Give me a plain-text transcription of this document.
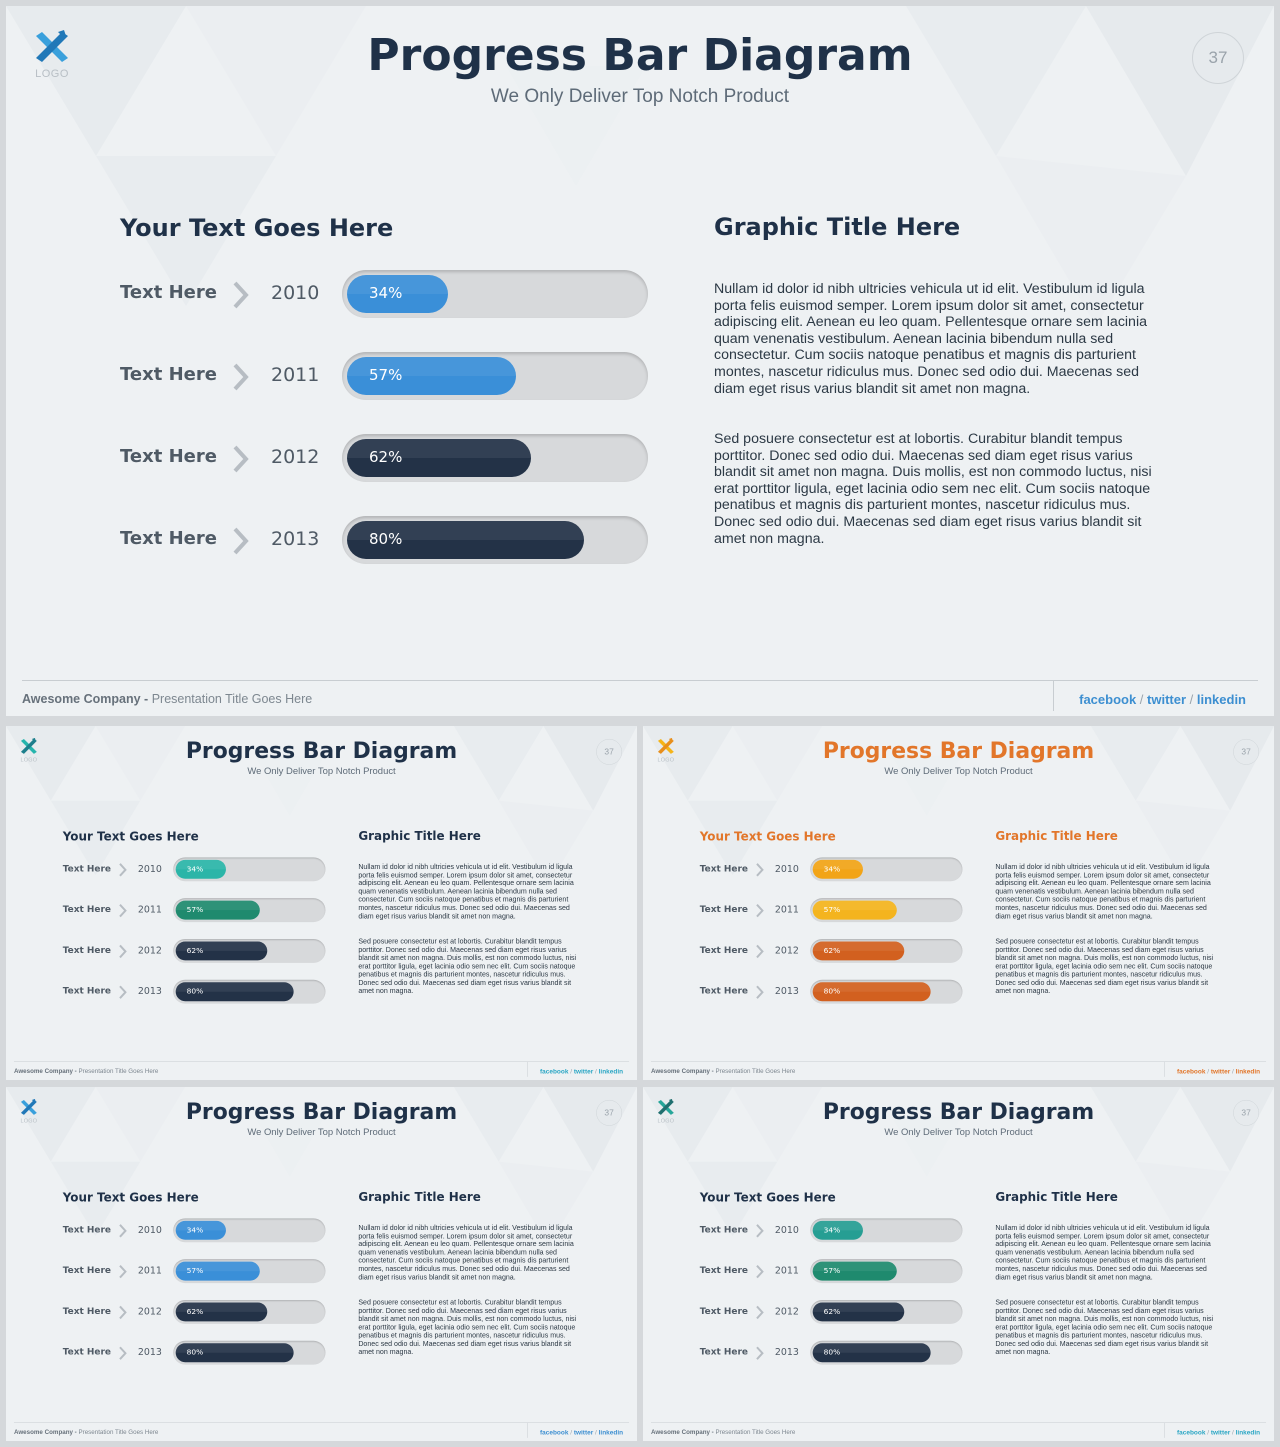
LOGO	Progress Bar Diagram
We Only Deliver Top Notch Product
37
Your Text Goes Here	Graphic Title Here
Text Here	2010	34%
Text Here	2011	57%
Text Here	2012	62%
Text Here	2013	80%

Nullam id dolor id nibh ultricies vehicula ut id elit. Vestibulum id ligula porta felis euismod semper. Lorem ipsum dolor sit amet, consectetur adipiscing elit. Aenean eu leo quam. Pellentesque ornare sem lacinia quam venenatis vestibulum. Aenean lacinia bibendum nulla sed consectetur. Cum sociis natoque penatibus et magnis dis parturient montes, nascetur ridiculus mus. Donec sed odio dui. Maecenas sed diam eget risus varius blandit sit amet non magna.

Sed posuere consectetur est at lobortis. Curabitur blandit tempus porttitor. Donec sed odio dui. Maecenas sed diam eget risus varius blandit sit amet non magna. Duis mollis, est non commodo luctus, nisi erat porttitor ligula, eget lacinia odio sem nec elit. Cum sociis natoque penatibus et magnis dis parturient montes, nascetur ridiculus mus. Donec sed odio dui. Maecenas sed diam eget risus varius blandit sit amet non magna.

Awesome Company - Presentation Title Goes Here	facebook / twitter / linkedin
LOGO	Progress Bar Diagram
We Only Deliver Top Notch Product
37
Your Text Goes Here	Graphic Title Here
Text Here 2010 34%
Text Here 2011 57%
Text Here 2012 62%
Text Here 2013 80%

Nullam id dolor id nibh ultricies vehicula ut id elit. Vestibulum id ligula porta felis euismod semper. Lorem ipsum dolor sit amet, consectetur adipiscing elit. Aenean eu leo quam. Pellentesque ornare sem lacinia quam venenatis vestibulum. Aenean lacinia bibendum nulla sed consectetur. Cum sociis natoque penatibus et magnis dis parturient montes, nascetur ridiculus mus. Donec sed odio dui. Maecenas sed diam eget risus varius blandit sit amet non magna.

Sed posuere consectetur est at lobortis. Curabitur blandit tempus porttitor. Donec sed odio dui. Maecenas sed diam eget risus varius blandit sit amet non magna. Duis mollis, est non commodo luctus, nisi erat porttitor ligula, eget lacinia odio sem nec elit. Cum sociis natoque penatibus et magnis dis parturient montes, nascetur ridiculus mus. Donec sed odio dui. Maecenas sed diam eget risus varius blandit sit amet non magna.

Awesome Company - Presentation Title Goes Here	facebook / twitter / linkedin
LOGO	Progress Bar Diagram
We Only Deliver Top Notch Product
37
Your Text Goes Here	Graphic Title Here
Text Here 2010 34%
Text Here 2011 57%
Text Here 2012 62%
Text Here 2013 80%

Nullam id dolor id nibh ultricies vehicula ut id elit. Vestibulum id ligula porta felis euismod semper. Lorem ipsum dolor sit amet, consectetur adipiscing elit. Aenean eu leo quam. Pellentesque ornare sem lacinia quam venenatis vestibulum. Aenean lacinia bibendum nulla sed consectetur. Cum sociis natoque penatibus et magnis dis parturient montes, nascetur ridiculus mus. Donec sed odio dui. Maecenas sed diam eget risus varius blandit sit amet non magna.

Sed posuere consectetur est at lobortis. Curabitur blandit tempus porttitor. Donec sed odio dui. Maecenas sed diam eget risus varius blandit sit amet non magna. Duis mollis, est non commodo luctus, nisi erat porttitor ligula, eget lacinia odio sem nec elit. Cum sociis natoque penatibus et magnis dis parturient montes, nascetur ridiculus mus. Donec sed odio dui. Maecenas sed diam eget risus varius blandit sit amet non magna.

Awesome Company - Presentation Title Goes Here	facebook / twitter / linkedin
LOGO	Progress Bar Diagram
We Only Deliver Top Notch Product
37
Your Text Goes Here	Graphic Title Here
Text Here 2010 34%
Text Here 2011 57%
Text Here 2012 62%
Text Here 2013 80%

Nullam id dolor id nibh ultricies vehicula ut id elit. Vestibulum id ligula porta felis euismod semper. Lorem ipsum dolor sit amet, consectetur adipiscing elit. Aenean eu leo quam. Pellentesque ornare sem lacinia quam venenatis vestibulum. Aenean lacinia bibendum nulla sed consectetur. Cum sociis natoque penatibus et magnis dis parturient montes, nascetur ridiculus mus. Donec sed odio dui. Maecenas sed diam eget risus varius blandit sit amet non magna.

Sed posuere consectetur est at lobortis. Curabitur blandit tempus porttitor. Donec sed odio dui. Maecenas sed diam eget risus varius blandit sit amet non magna. Duis mollis, est non commodo luctus, nisi erat porttitor ligula, eget lacinia odio sem nec elit. Cum sociis natoque penatibus et magnis dis parturient montes, nascetur ridiculus mus. Donec sed odio dui. Maecenas sed diam eget risus varius blandit sit amet non magna.

Awesome Company - Presentation Title Goes Here	facebook / twitter / linkedin
LOGO	Progress Bar Diagram
We Only Deliver Top Notch Product
37
Your Text Goes Here	Graphic Title Here
Text Here 2010 34%
Text Here 2011 57%
Text Here 2012 62%
Text Here 2013 80%

Nullam id dolor id nibh ultricies vehicula ut id elit. Vestibulum id ligula porta felis euismod semper. Lorem ipsum dolor sit amet, consectetur adipiscing elit. Aenean eu leo quam. Pellentesque ornare sem lacinia quam venenatis vestibulum. Aenean lacinia bibendum nulla sed consectetur. Cum sociis natoque penatibus et magnis dis parturient montes, nascetur ridiculus mus. Donec sed odio dui. Maecenas sed diam eget risus varius blandit sit amet non magna.

Sed posuere consectetur est at lobortis. Curabitur blandit tempus porttitor. Donec sed odio dui. Maecenas sed diam eget risus varius blandit sit amet non magna. Duis mollis, est non commodo luctus, nisi erat porttitor ligula, eget lacinia odio sem nec elit. Cum sociis natoque penatibus et magnis dis parturient montes, nascetur ridiculus mus. Donec sed odio dui. Maecenas sed diam eget risus varius blandit sit amet non magna.

Awesome Company - Presentation Title Goes Here	facebook / twitter / linkedin
